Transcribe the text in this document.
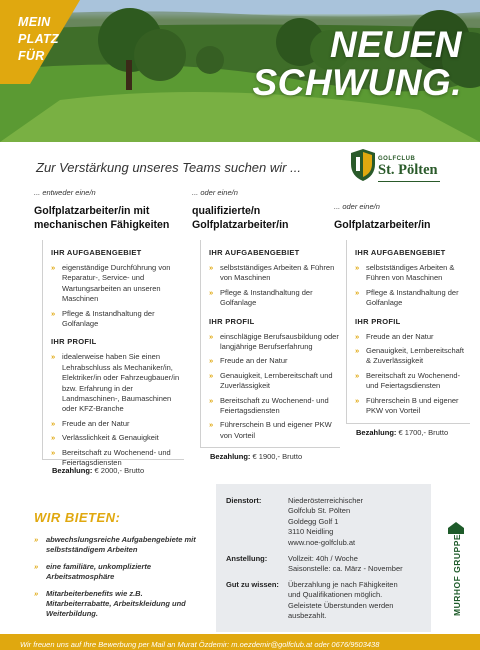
MEIN
PLATZ
FÜR	NEUEN
SCHWUNG.
Zur Verstärkung unseres Teams suchen wir ...
GOLFCLUB
St. Pölten
... entweder eine/n
Golfplatzarbeiter/in mit
mechanischen Fähigkeiten
IHR AUFGABENGEBIET
» eigenständige Durchführung von Reparatur-, Service- und Wartungsarbeiten an unseren Maschinen
» Pflege & Instandhaltung der Golfanlage
IHR PROFIL
» idealerweise haben Sie einen Lehrabschluss als Mechaniker/in, Elektriker/in oder Fahrzeugbauer/in bzw. Erfahrung in der Landmaschinen-, Baumaschinen oder KFZ-Branche
» Freude an der Natur
» Verlässlichkeit & Genauigkeit
» Bereitschaft zu Wochenend- und Feiertagsdiensten
Bezahlung: € 2000,- Brutto
... oder eine/n
qualifizierte/n
Golfplatzarbeiter/in
IHR AUFGABENGEBIET
» selbstständiges Arbeiten & Führen von Maschinen
» Pflege & Instandhaltung der Golfanlage
IHR PROFIL
» einschlägige Berufsausbildung oder langjährige Berufserfahrung
» Freude an der Natur
» Genauigkeit, Lernbereitschaft und Zuverlässigkeit
» Bereitschaft zu Wochenend- und Feiertagsdiensten
» Führerschein B und eigener PKW von Vorteil
Bezahlung: € 1900,- Brutto
... oder eine/n
Golfplatzarbeiter/in
IHR AUFGABENGEBIET
» selbstständiges Arbeiten & Führen von Maschinen
» Pflege & Instandhaltung der Golfanlage
IHR PROFIL
» Freude an der Natur
» Genauigkeit, Lernbereitschaft & Zuverlässigkeit
» Bereitschaft zu Wochenend- und Feiertagsdiensten
» Führerschein B und eigener PKW von Vorteil
Bezahlung: € 1700,- Brutto
WIR BIETEN:
» abwechslungsreiche Aufgabengebiete mit selbstständigem Arbeiten
» eine familiäre, unkomplizierte Arbeitsatmosphäre
» Mitarbeiterbenefits wie z.B. Mitarbeiterrabatte, Arbeitskleidung und Weiterbildung.
Dienstort:	Niederösterreichischer
Golfclub St. Pölten
Goldegg Golf 1
3110 Neidling
www.noe-golfclub.at
Anstellung:	Vollzeit: 40h / Woche
Saisonstelle: ca. März - November
Gut zu wissen:	Überzahlung je nach Fähigkeiten
und Qualifikationen möglich.
Geleistete Überstunden werden
ausbezahlt.	MURHOF GRUPPE
Wir freuen uns auf Ihre Bewerbung per Mail an Murat Özdemir: m.oezdemir@golfclub.at oder 0676/9503438
